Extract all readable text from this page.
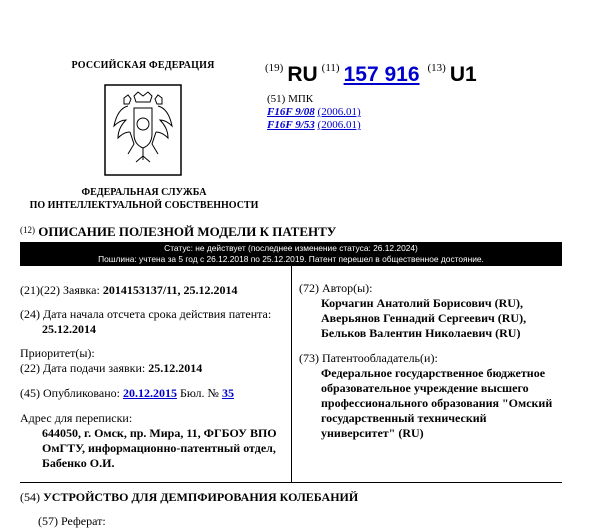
РОССИЙСКАЯ ФЕДЕРАЦИЯ
ФЕДЕРАЛЬНАЯ СЛУЖБА
ПО ИНТЕЛЛЕКТУАЛЬНОЙ СОБСТВЕННОСТИ
$^{(19)}$ RU $^{(11)}$ 157 916 $^{(13)}$ U1
(51) МПК
F16F 9/08 (2006.01)
F16F 9/53 (2006.01)
$^{(12)}$ ОПИСАНИЕ ПОЛЕЗНОЙ МОДЕЛИ К ПАТЕНТУ
Статус: не действует (последнее изменение статуса: 26.12.2024)
Пошлина: учтена за 5 год с 26.12.2018 по 25.12.2019. Патент перешел в общественное достояние.
(21)(22) Заявка: 2014153137/11, 25.12.2014
(24) Дата начала отсчета срока действия патента:
25.12.2014
Приоритет(ы):
(22) Дата подачи заявки: 25.12.2014
(45) Опубликовано: 20.12.2015 Бюл. № 35
Адрес для переписки:
644050, г. Омск, пр. Мира, 11, ФГБОУ ВПО
ОмГТУ, информационно-патентный отдел,
Бабенко О.И.
(72) Автор(ы):
Корчагин Анатолий Борисович (RU),
Аверьянов Геннадий Сергеевич (RU),
Бельков Валентин Николаевич (RU)
(73) Патентообладатель(и):
Федеральное государственное бюджетное
образовательное учреждение высшего
профессионального образования "Омский
государственный технический
университет" (RU)
(54) УСТРОЙСТВО ДЛЯ ДЕМПФИРОВАНИЯ КОЛЕБАНИЙ
(57) Реферат:
